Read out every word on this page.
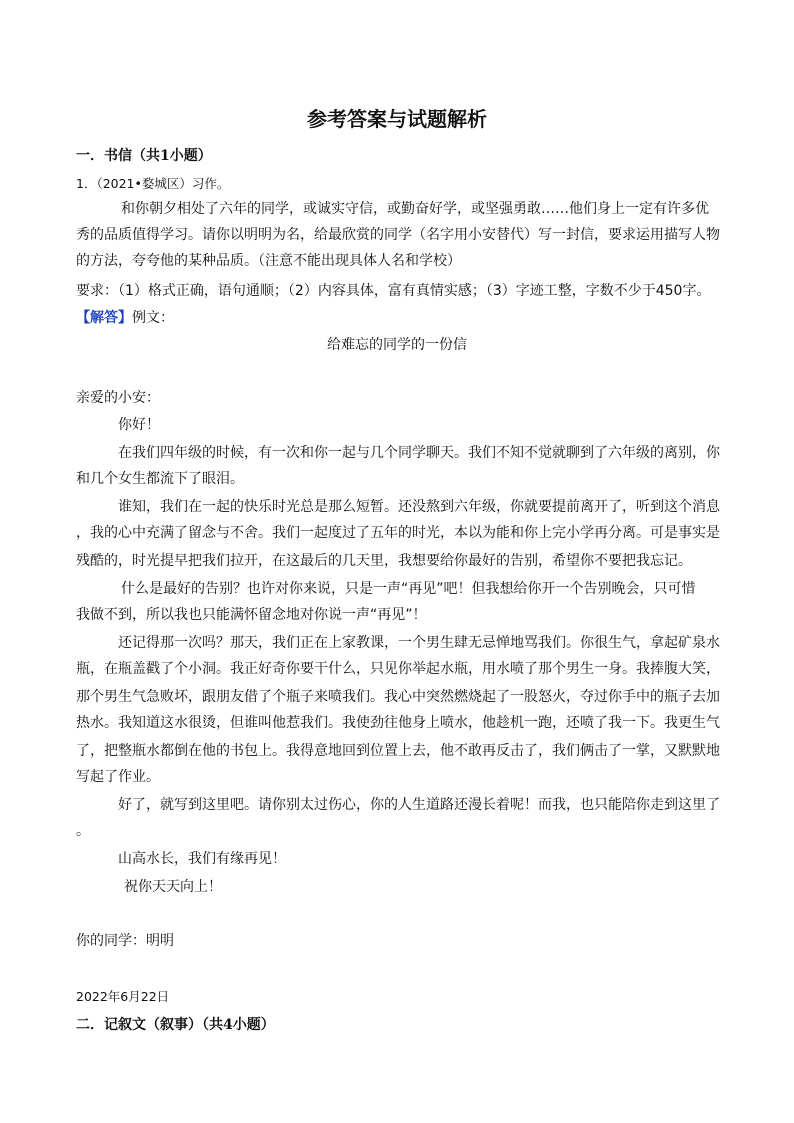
参考答案与试题解析
一．书信（共1小题）
1．（2021•婺城区）习作。
和你朝夕相处了六年的同学，或诚实守信，或勤奋好学，或坚强勇敢……他们身上一定有许多优
秀的品质值得学习。请你以明明为名，给最欣赏的同学（名字用小安替代）写一封信，要求运用描写人物
的方法，夸夸他的某种品质。（注意不能出现具体人名和学校）
要求：（1）格式正确，语句通顺；（2）内容具体，富有真情实感；（3）字迹工整，字数不少于450字。
【解答】例文：
给难忘的同学的一份信
亲爱的小安：
你好！
在我们四年级的时候，有一次和你一起与几个同学聊天。我们不知不觉就聊到了六年级的离别，你
和几个女生都流下了眼泪。
谁知，我们在一起的快乐时光总是那么短暂。还没熬到六年级，你就要提前离开了，听到这个消息
，我的心中充满了留念与不舍。我们一起度过了五年的时光，本以为能和你上完小学再分离。可是事实是
残酷的，时光提早把我们拉开，在这最后的几天里，我想要给你最好的告别，希望你不要把我忘记。
什么是最好的告别？也许对你来说，只是一声“再见”吧！但我想给你开一个告别晚会，只可惜
我做不到，所以我也只能满怀留念地对你说一声“再见”！
还记得那一次吗？那天，我们正在上家教课，一个男生肆无忌惮地骂我们。你很生气，拿起矿泉水
瓶，在瓶盖戳了个小洞。我正好奇你要干什么，只见你举起水瓶，用水喷了那个男生一身。我捧腹大笑，
那个男生气急败坏，跟朋友借了个瓶子来喷我们。我心中突然燃烧起了一股怒火，夺过你手中的瓶子去加
热水。我知道这水很烫，但谁叫他惹我们。我使劲往他身上喷水，他趁机一跑，还喷了我一下。我更生气
了，把整瓶水都倒在他的书包上。我得意地回到位置上去，他不敢再反击了，我们俩击了一掌，又默默地
写起了作业。
好了，就写到这里吧。请你别太过伤心，你的人生道路还漫长着呢！而我，也只能陪你走到这里了
。
山高水长，我们有缘再见！
祝你天天向上！
你的同学：明明
2022年6月22日
二．记叙文（叙事）（共4小题）
